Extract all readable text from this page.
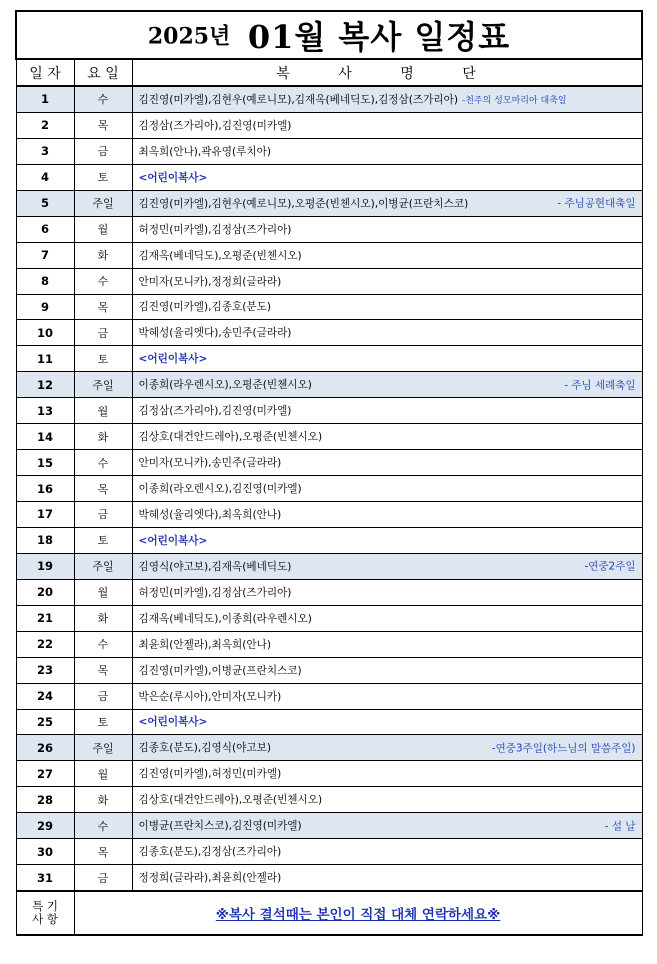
2025년 01월 복사 일정표		
일 자	요 일	복 사 명 단
1	수	김진영(미카엘),김현우(예로니모),김재옥(베네딕도),김정삼(즈가리아) -천주의 성모마리아 대축일
2	목	김정삼(즈가리아),김진영(미카엘)
3	금	최옥희(안나),곽유영(루치아)
4	토	<어린이복사>
5	주일	김진영(미카엘),김현우(예로니모),오평준(빈첸시오),이병균(프란치스코) - 주님공현대축일

6	월	허정민(미카엘),김정삼(즈가리아)
7	화	김재옥(베네딕도),오평준(빈첸시오)
8	수	안미자(모니카),정정희(글라라)
9	목	김진영(미카엘),김종호(분도)
10	금	박혜성(율리엣다),송민주(글라라)
11	토	<어린이복사>
12	주일	이종희(라우렌시오),오평준(빈첸시오) - 주님 세례축일

13	월	김정삼(즈가리아),김진영(미카엘)
14	화	김상호(대건안드레아),오평준(빈첸시오)
15	수	안미자(모니카),송민주(글라라)
16	목	이종희(라오렌시오),김진영(미카엘)
17	금	박혜성(율리엣다),최옥희(안나)
18	토	<어린이복사>
19	주일	김영식(야고보),김재옥(베네딕도) -연중2주일

20	월	허정민(미카엘),김정삼(즈가리아)
21	화	김재옥(베네딕도),이종희(라우렌시오)
22	수	최윤희(안젤라),최옥희(안나)
23	목	김진영(미카엘),이병균(프란치스코)
24	금	박은순(루시아),안미자(모니카)
25	토	<어린이복사>
26	주일	김종호(분도),김영식(야고보) -연중3주일(하느님의 말씀주일)

27	월	김진영(미카엘),허정민(미카엘)
28	화	김상호(대건안드레아),오평준(빈첸시오)
29	수	이병균(프란치스코),김진영(미카엘) - 설 날

30	목	김종호(분도),김정삼(즈가리아)
31	금	정정희(글라라),최윤희(안젤라)
특 기
사 항	※복사 결석때는 본인이 직접 대체 연락하세요※	
